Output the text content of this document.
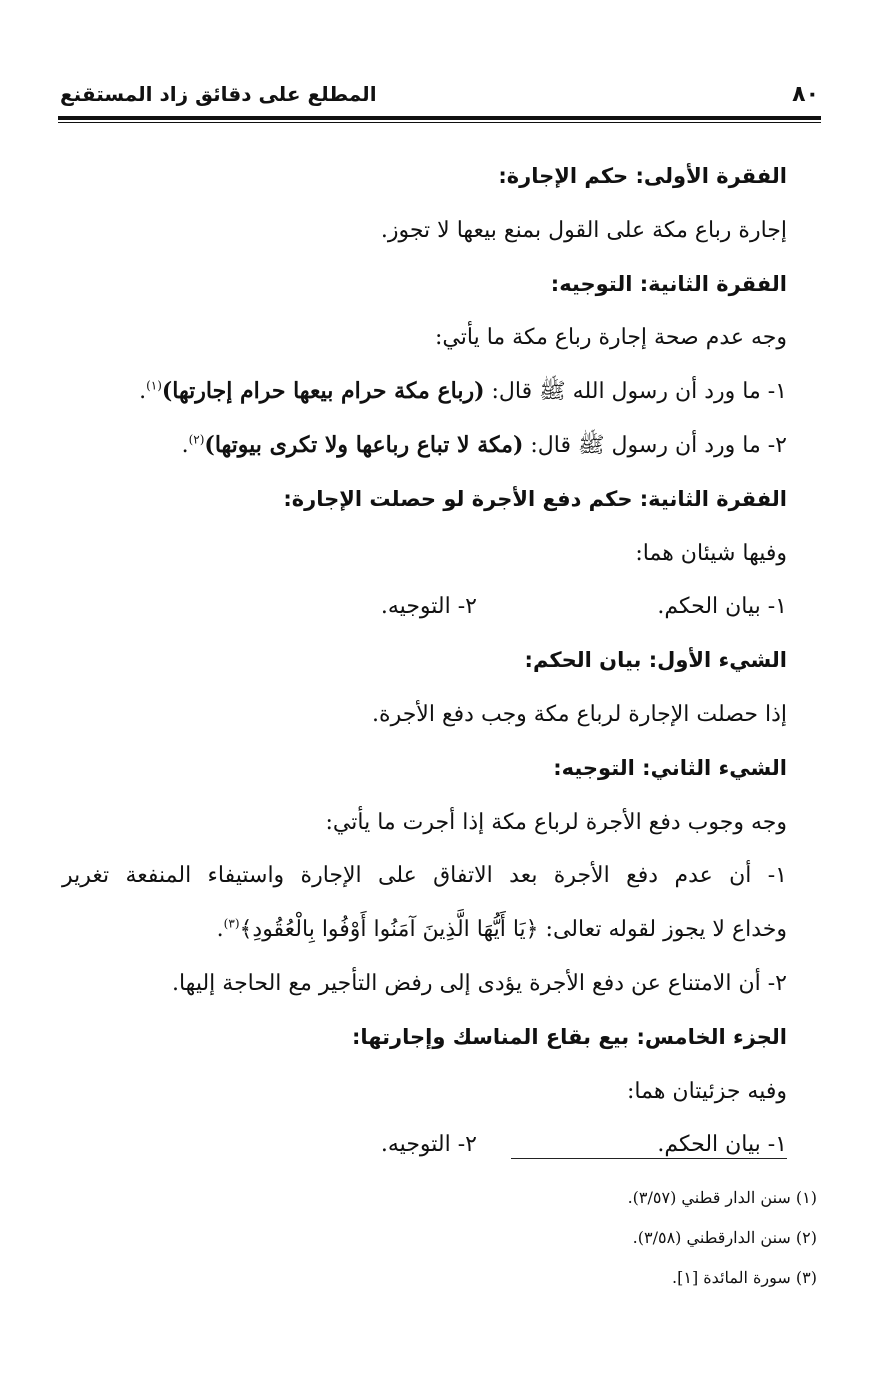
٨٠
المطلع على دقائق زاد المستقنع
الفقرة الأولى: حكم الإجارة:
إجارة رباع مكة على القول بمنع بيعها لا تجوز.
الفقرة الثانية: التوجيه:
وجه عدم صحة إجارة رباع مكة ما يأتي:
١- ما ورد أن رسول الله ﷺ قال: (رباع مكة حرام بيعها حرام إجارتها)$^{(١)}$.
٢- ما ورد أن رسول ﷺ قال: (مكة لا تباع رباعها ولا تكرى بيوتها)$^{(٢)}$.
الفقرة الثانية: حكم دفع الأجرة لو حصلت الإجارة:
وفيها شيئان هما:
١- بيان الحكم.
٢- التوجيه.
الشيء الأول: بيان الحكم:
إذا حصلت الإجارة لرباع مكة وجب دفع الأجرة.
الشيء الثاني: التوجيه:
وجه وجوب دفع الأجرة لرباع مكة إذا أجرت ما يأتي:
١- أن عدم دفع الأجرة بعد الاتفاق على الإجارة واستيفاء المنفعة تغرير
وخداع لا يجوز لقوله تعالى: ﴿يَا أَيُّهَا الَّذِينَ آمَنُوا أَوْفُوا بِالْعُقُودِ﴾$^{(٣)}$.
٢- أن الامتناع عن دفع الأجرة يؤدى إلى رفض التأجير مع الحاجة إليها.
الجزء الخامس: بيع بقاع المناسك وإجارتها:
وفيه جزئيتان هما:
١- بيان الحكم.
٢- التوجيه.
(١) سنن الدار قطني (٣/٥٧).
(٢) سنن الدارقطني (٣/٥٨).
(٣) سورة المائدة [١].
